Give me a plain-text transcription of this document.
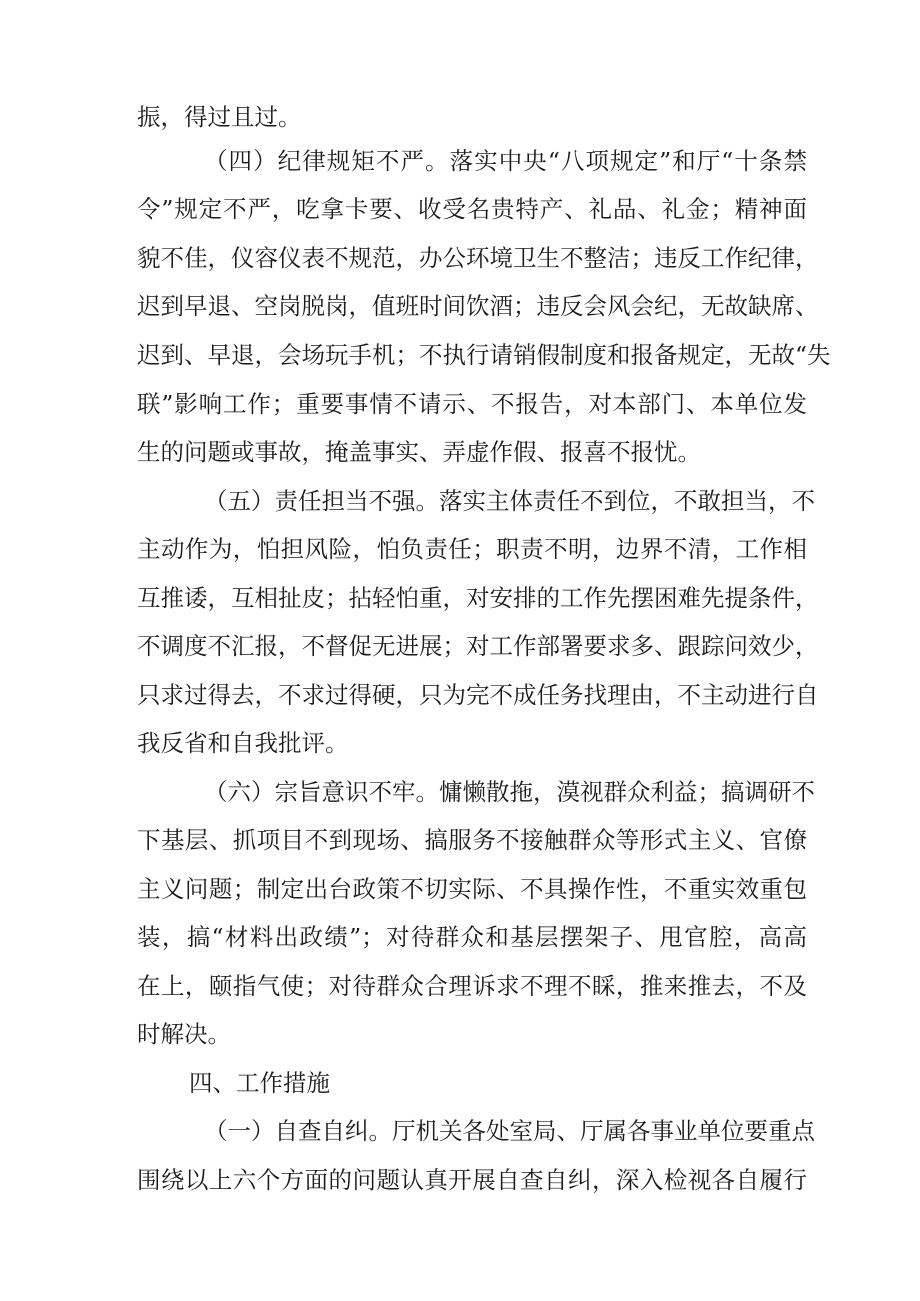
振，得过且过。
（四）纪律规矩不严。落实中央“八项规定”和厅“十条禁
令”规定不严，吃拿卡要、收受名贵特产、礼品、礼金；精神面
貌不佳，仪容仪表不规范，办公环境卫生不整洁；违反工作纪律，
迟到早退、空岗脱岗，值班时间饮酒；违反会风会纪，无故缺席、
迟到、早退，会场玩手机；不执行请销假制度和报备规定，无故“失
联”影响工作；重要事情不请示、不报告，对本部门、本单位发
生的问题或事故，掩盖事实、弄虚作假、报喜不报忧。
（五）责任担当不强。落实主体责任不到位，不敢担当，不
主动作为，怕担风险，怕负责任；职责不明，边界不清，工作相
互推诿，互相扯皮；拈轻怕重，对安排的工作先摆困难先提条件，
不调度不汇报，不督促无进展；对工作部署要求多、跟踪问效少，
只求过得去，不求过得硬，只为完不成任务找理由，不主动进行自
我反省和自我批评。
（六）宗旨意识不牢。慵懒散拖，漠视群众利益；搞调研不
下基层、抓项目不到现场、搞服务不接触群众等形式主义、官僚
主义问题；制定出台政策不切实际、不具操作性，不重实效重包
装，搞“材料出政绩”；对待群众和基层摆架子、甩官腔，高高
在上，颐指气使；对待群众合理诉求不理不睬，推来推去，不及
时解决。
四、工作措施
（一）自查自纠。厅机关各处室局、厅属各事业单位要重点
围绕以上六个方面的问题认真开展自查自纠，深入检视各自履行
